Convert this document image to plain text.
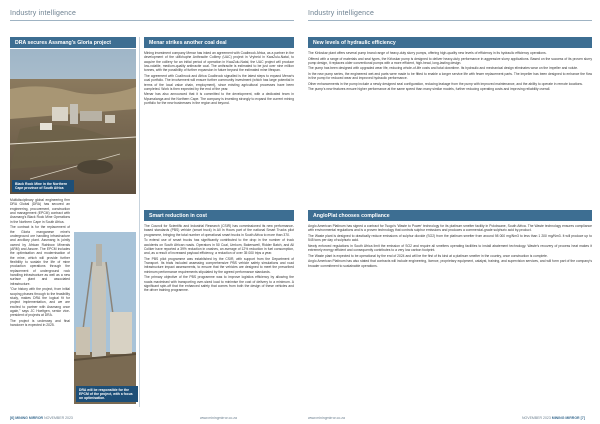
Industry intelligence
DRA secures Assmang's Gloria project
Black Rock Mine in the Northern Cape province of South Africa

Multidisciplinary global engineering firm DRA Global (DRA) has secured an engineering, procurement, construction and management (EPCM) contract with Assmang's Black Rock Mine Operations in the Northern Cape in South Africa.

The contract is for the replacement of the Gloria manganese mine's underground ore handling infrastructure and ancillary plant. Assmang is jointly owned by African Rainbow Minerals (ARM) and Assore. The EPCM includes the optimisation and modernisation of the mine, which will provide further flexibility to sustain the life of mine production operations through the replacement of underground rock handling infrastructure as well as a new surface plant and associated infrastructure.

"Our history with the project, from initial scoping phases through to the feasibility study, makes DRA the logical fit for project implementation, and we are excited to partner with Assmang once again," says JC Hoeltgen, senior vice-president of projects at DRA.

The project is underway and final handover is expected in 2025.

DRA will be responsible for the EPCM of the project, with a focus on optimisation.
Menar strikes another coal deal

Mining investment company Menar has inked an agreement with Coalbrook Africa, as a partner in the development of the uMkhuphe Anthracite Colliery (UAC) project in Vryheid in KwaZulu-Natal, to acquire the colliery for an initial period of operation in KwaZulu-Natal, the UAC project will produce low-volatile, medium-quality anthracite coal. The anthracite is estimated to be just over nine million tonnes, with the possibility of further expansion in future beyond the estimated mine lifespan.

The agreement with Coalbrook and Africa Coalbrook signalled is the latest steps to expand Menar's coal portfolio. The involvement will ensure further community investment (which has large potential in terms of the local value chain, employment), since existing agricultural processes have been completed. Work is then expected by the end of the year.

Menar has also announced that it is committed to the development, with a dedicated team in Mpumalanga and the Northern Cape. The company is investing strongly to expand the current mining portfolio for the new businesses in the region and beyond.

Smart reduction in cost

The Council for Scientific and Industrial Research (CSIR) has commissioned its new performance-based standards (PBS) vehicle (smart truck) in All In Hours part of the national Smart Trucks pilot programme, bringing the total number of operational smart trucks in South Africa to more than 370.

To extend use of smart trucks has significantly contributed to the drop in the number of truck accidents on South African roads. Operators in 50 Coal, Umkom, Bakerswell, Ridder Batch, and All Coliker have reported a 39% reduction in crashes, an average of 12% reduction in fuel consumption, and, as a result of increased payload efficiency, a reduction of over 35 000 trips a year.

The PBS pilot programme was established by the CSIR, with support from the Department of Transport. Its trials included assessing comprehensive PBS vehicle safety simulations and road infrastructure impact assessments, to ensure that the vehicles are designed to meet the prescribed minimum performance requirements stipulated by the agreed performance standards.

The primary objective of the PBS programme was to improve logistics efficiency by allowing the roads maximised with transporting over-sized load to minimise the cost of delivery to a minimum. A significant spin-off that the enhanced safety that comes from both the design of these vehicles and the driver training programme.

[6] MINING MIRROR NOVEMBER 2023	www.miningmirror.co.za
Industry intelligence
New levels of hydraulic efficiency

The Kirloskar plant offers several pump brand range of heavy-duty slurry pumps, offering high-quality new levels of efficiency in its hydraulic efficiency operations.

Offered with a range of materials and seal types, the Kirloskar pump is designed to deliver heavy-duty performance in aggressive slurry applications. Based on the success of its proven slurry pump design, it replaces older conventional pumps with a more efficient, high-head, long-lasting design.

The pump has been designed with upgraded wear life, reducing whole-of-life costs and total downtime. Its hydraulic and mechanical design eliminates wear on the impeller and volute.

In the new pump series, the engineered wet-end parts were made to be fitted to enable a longer service life with fewer replacement parts. The impeller has been designed to enhance the flow in the pump for reduced wear and improved hydraulic performance.

Other enhancements in the pump include a newly designed seal configuration, reducing leakage from the pump with improved maintenance, and the ability to operate in remote locations.

The pump's new features ensure higher performance at the same speed than many similar models, further reducing operating costs and improving reliability overall.

AngloPlat chooses compliance

Anglo American Platinum has signed a contract for Tsogo's 'Waste to Power' technology for its platinum smelter facility in Polokwane, South Africa. The Waste technology ensures compliance with environmental regulations and is a proven technology that controls sulphur emissions and produces a commercial-grade sulphuric acid by-product.

The Waste plant is designed to drastically reduce emissions of sulphur dioxide (SO2) from the platinum smelter from around 98 000 mg/Nm3 to less than 1 200 mg/Nm3. It will produce up to 545 tons per day of sulphuric acid.

Newly enforced regulations in South Africa limit the emission of SO2 and require all smelters operating facilities to install abatement technology. Waste's recovery of process heat makes it extremely energy efficient and consequently contributes to a very low carbon footprint.

The Waste plant is expected to be operational by the end of 2024 and will be the first of its kind at a platinum smelter in the country, once construction is complete.

Anglo American Platinum has also stated that contracts will include engineering, licence, proprietary equipment, catalyst, training, and supervision services, and will form part of the company's broader commitment to sustainable operations.

www.miningmirror.co.za	NOVEMBER 2023 MINING MIRROR [7]
